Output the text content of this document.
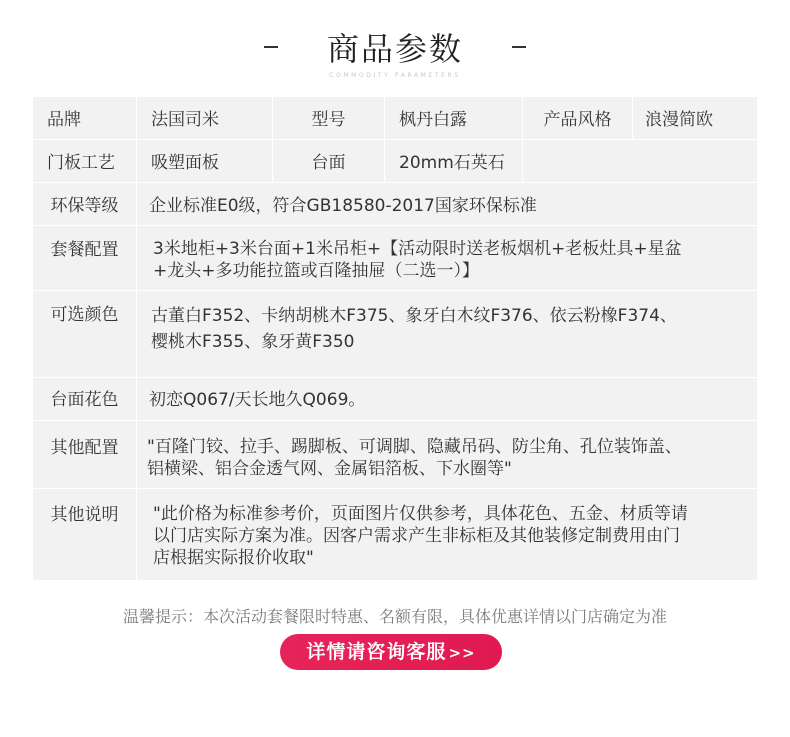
商品参数
COMMODITY PARAMETERS
品牌	法国司米	型号	枫丹白露	产品风格	浪漫简欧
门板工艺	吸塑面板	台面	20mm石英石
环保等级	企业标准E0级，符合GB18580-2017国家环保标准
套餐配置	3米地柜+3米台面+1米吊柜+【活动限时送老板烟机+老板灶具+星盆
+龙头+多功能拉篮或百隆抽屉（二选一）】
可选颜色	古董白F352、卡纳胡桃木F375、象牙白木纹F376、依云粉橡F374、
樱桃木F355、象牙黄F350
台面花色	初恋Q067/天长地久Q069。
其他配置	"百隆门铰、拉手、踢脚板、可调脚、隐藏吊码、防尘角、孔位装饰盖、
铝横梁、铝合金透气网、金属铝箔板、下水圈等"
其他说明	"此价格为标准参考价，页面图片仅供参考，具体花色、五金、材质等请
以门店实际方案为准。因客户需求产生非标柜及其他装修定制费用由门
店根据实际报价收取"
温馨提示：本次活动套餐限时特惠、名额有限，具体优惠详情以门店确定为准
详情请咨询客服 >>
